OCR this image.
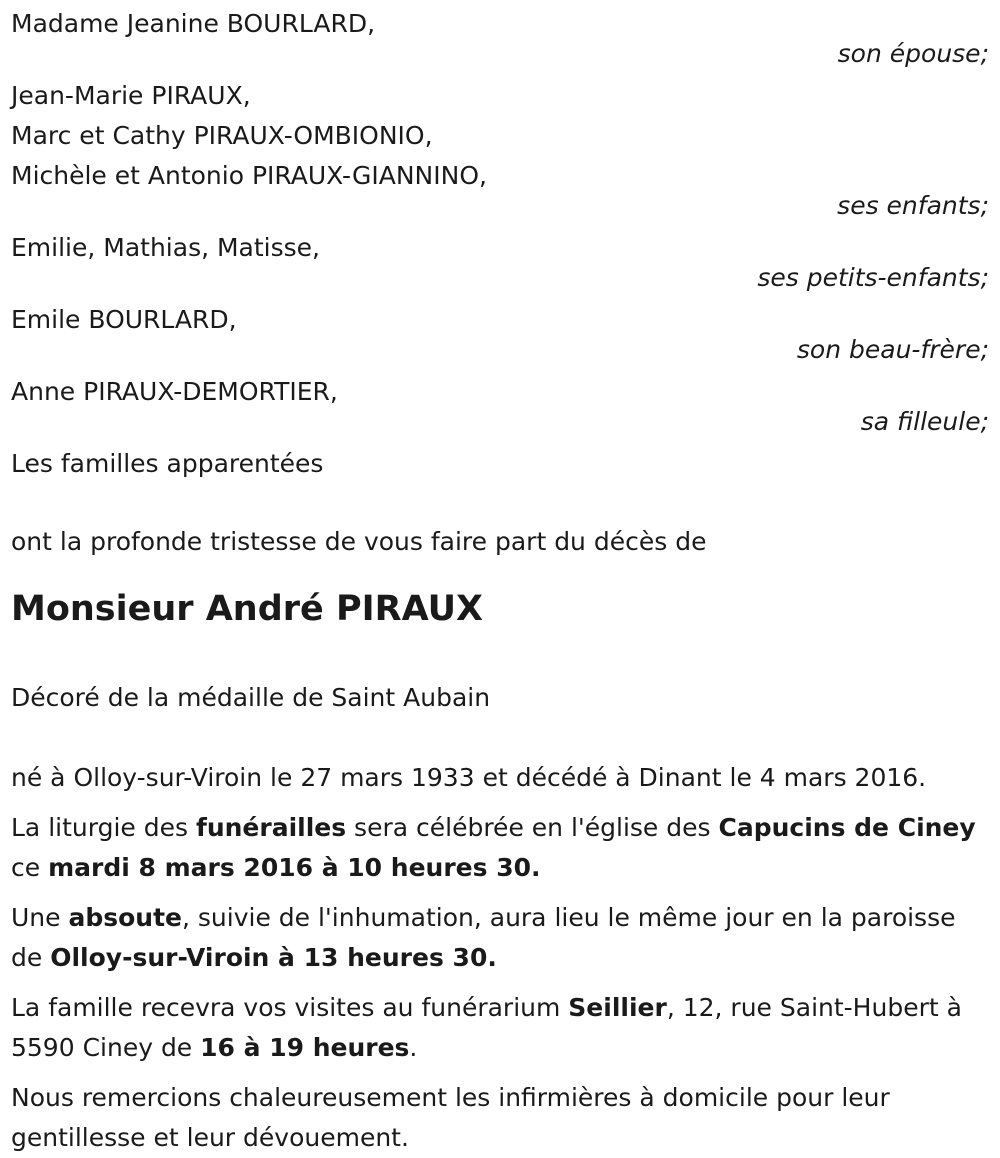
Madame Jeanine BOURLARD,
son épouse;
Jean-Marie PIRAUX,
Marc et Cathy PIRAUX-OMBIONIO,
Michèle et Antonio PIRAUX-GIANNINO,
ses enfants;
Emilie, Mathias, Matisse,
ses petits-enfants;
Emile BOURLARD,
son beau-frère;
Anne PIRAUX-DEMORTIER,
sa filleule;
Les familles apparentées
ont la profonde tristesse de vous faire part du décès de
Monsieur André PIRAUX
Décoré de la médaille de Saint Aubain
né à Olloy-sur-Viroin le 27 mars 1933 et décédé à Dinant le 4 mars 2016.
La liturgie des funérailles sera célébrée en l'église des Capucins de Ciney ce mardi 8 mars 2016 à 10 heures 30.
Une absoute, suivie de l'inhumation, aura lieu le même jour en la paroisse de Olloy-sur-Viroin à 13 heures 30.
La famille recevra vos visites au funérarium Seillier, 12, rue Saint-Hubert à 5590 Ciney de 16 à 19 heures.
Nous remercions chaleureusement les infirmières à domicile pour leur gentillesse et leur dévouement.
